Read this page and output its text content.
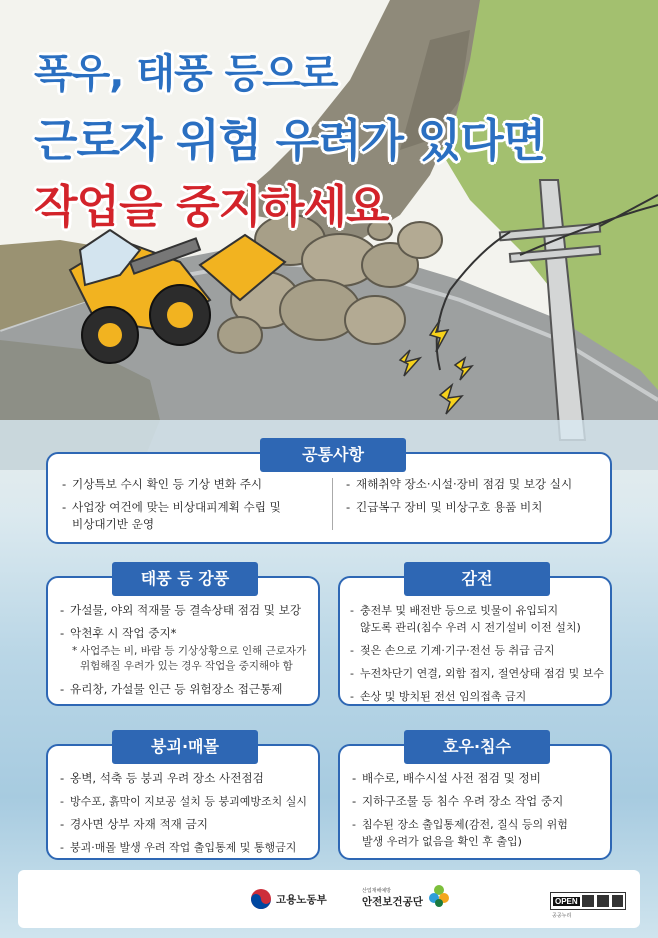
폭우, 태풍 등으로
근로자 위험 우려가 있다면
작업을 중지하세요
공통사항
- 기상특보 수시 확인 등 기상 변화 주시
- 사업장 여건에 맞는 비상대피계획 수립 및
비상대기반 운영
- 재해취약 장소·시설·장비 점검 및 보강 실시
- 긴급복구 장비 및 비상구호 용품 비치
태풍 등 강풍
- 가설물, 야외 적재물 등 결속상태 점검 및 보강
- 악천후 시 작업 중지*
* 사업주는 비, 바람 등 기상상황으로 인해 근로자가
위험해질 우려가 있는 경우 작업을 중지해야 함
- 유리창, 가설물 인근 등 위험장소 접근통제
감전
- 충전부 및 배전반 등으로 빗물이 유입되지
않도록 관리(침수 우려 시 전기설비 이전 설치)
- 젖은 손으로 기계·기구·전선 등 취급 금지
- 누전차단기 연결, 외함 접지, 절연상태 점검 및 보수
- 손상 및 방치된 전선 임의접촉 금지
붕괴·매몰
- 옹벽, 석축 등 붕괴 우려 장소 사전점검
- 방수포, 흙막이 지보공 설치 등 붕괴예방조치 실시
- 경사면 상부 자재 적재 금지
- 붕괴·매몰 발생 우려 작업 출입통제 및 통행금지
호우·침수
- 배수로, 배수시설 사전 점검 및 정비
- 지하구조물 등 침수 우려 장소 작업 중지
- 침수된 장소 출입통제(감전, 질식 등의 위험
발생 우려가 없음을 확인 후 출입)
고용노동부
산업재해예방
안전보건공단	OPEN
공공누리
